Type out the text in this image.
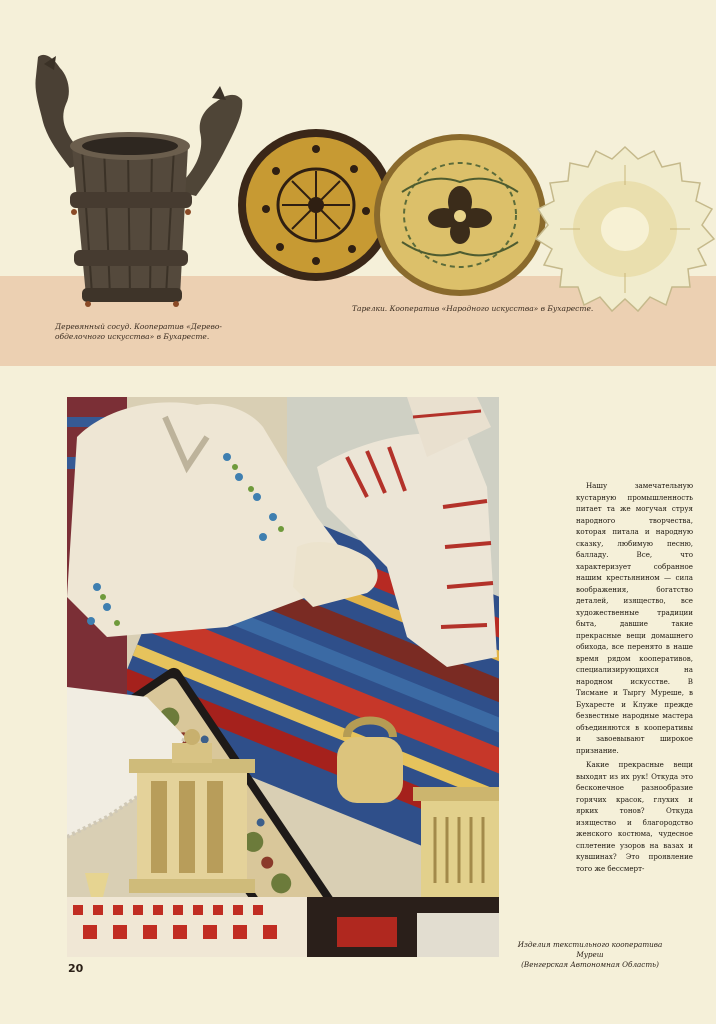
Деревянный сосуд. Кооператив «Дерево-обделочного искусства» в Бухаресте.
Тарелки. Кооператив «Народного искусства» в Бухаресте.

Нашу замечательную кустарную промышленность питает та же могучая струя народного творчества, которая питала и народную сказку, любимую песню, балладу. Все, что характеризует собранное нашим крестьянином — сила воображения, богатство деталей, изящество, все художественные традиции быта, давшие такие прекрасные вещи домашнего обихода, все перенято в наше время рядом кооперативов, специализирующихся на народном искусстве. В Тисмане и Тыргу Муреше, в Бухаресте и Клуже прежде безвестные народные мастера объединяются в кооперативы и завоевывают широкое признание.

Какие прекрасные вещи выходят из их рук! Откуда это бесконечное разнообразие горячих красок, глухих и ярких тонов? Откуда изящество и благородство женского костюма, чудесное сплетение узоров на вазах и кувшинах? Это проявление того же бессмерт-

Изделия текстильного кооператива Муреш
(Венгерская Автономная Область)
20
